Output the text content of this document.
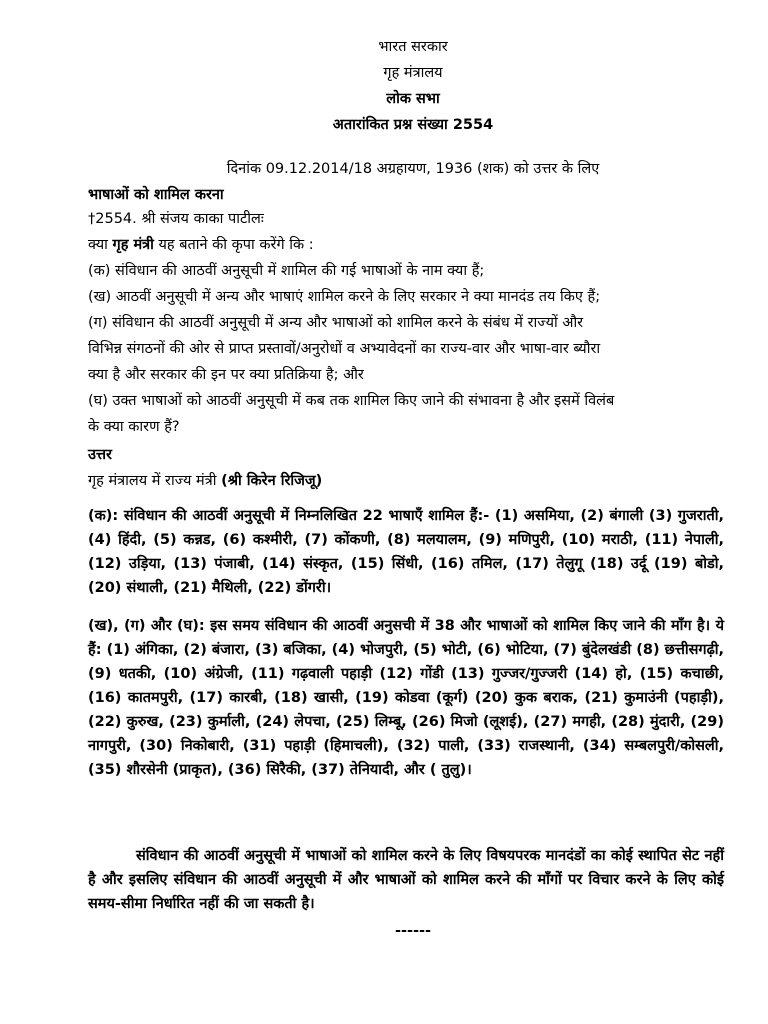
भारत सरकार
गृह मंत्रालय
लोक सभा
अतारांकित प्रश्न संख्या 2554
दिनांक 09.12.2014/18 अग्रहायण, 1936 (शक) को उत्तर के लिए
भाषाओं को शामिल करना
†2554. श्री संजय काका पाटीलः
क्या गृह मंत्री यह बताने की कृपा करेंगे कि :
(क) संविधान की आठवीं अनुसूची में शामिल की गई भाषाओं के नाम क्या हैं;
(ख) आठवीं अनुसूची में अन्य और भाषाएं शामिल करने के लिए सरकार ने क्या मानदंड तय किए हैं;
(ग) संविधान की आठवीं अनुसूची में अन्य और भाषाओं को शामिल करने के संबंध में राज्यों और
विभिन्न संगठनों की ओर से प्राप्त प्रस्तावों/अनुरोधों व अभ्यावेदनों का राज्य-वार और भाषा-वार ब्यौरा
क्या है और सरकार की इन पर क्या प्रतिक्रिया है; और
(घ) उक्त भाषाओं को आठवीं अनुसूची में कब तक शामिल किए जाने की संभावना है और इसमें विलंब
के क्या कारण हैं?
उत्तर
गृह मंत्रालय में राज्य मंत्री (श्री किरेन रिजिजू)
(क): संविधान की आठवीं अनुसूची में निम्नलिखित 22 भाषाएँ शामिल हैं:- (1) असमिया, (2) बंगाली (3) गुजराती, (4) हिंदी, (5) कन्नड, (6) कश्मीरी, (7) कोंकणी, (8) मलयालम, (9) मणिपुरी, (10) मराठी, (11) नेपाली, (12) उड़िया, (13) पंजाबी, (14) संस्कृत, (15) सिंधी, (16) तमिल, (17) तेलुगू (18) उर्दू (19) बोडो, (20) संथाली, (21) मैथिली, (22) डोंगरी।
(ख), (ग) और (घ): इस समय संविधान की आठवीं अनुसची में 38 और भाषाओं को शामिल किए जाने की माँग है। ये हैं: (1) अंगिका, (2) बंजारा, (3) बजिका, (4) भोजपुरी, (5) भोटी, (6) भोटिया, (7) बुंदेलखंडी (8) छत्तीसगढ़ी, (9) धतकी, (10) अंग्रेजी, (11) गढ़वाली पहाड़ी (12) गोंडी (13) गुज्जर/गुज्जरी (14) हो, (15) कचाछी, (16) कातमपुरी, (17) कारबी, (18) खासी, (19) कोडवा (कूर्ग) (20) कुक बराक, (21) कुमाउंनी (पहाड़ी), (22) कुरुख, (23) कुर्माली, (24) लेपचा, (25) लिम्बू, (26) मिजो (लूशई), (27) मगही, (28) मुंदारी, (29) नागपुरी, (30) निकोबारी, (31) पहाड़ी (हिमाचली), (32) पाली, (33) राजस्थानी, (34) सम्बलपुरी/कोसली, (35) शौरसेनी (प्राकृत), (36) सिरैकी, (37) तेनियादी, और ( तुलु)।
संविधान की आठवीं अनुसूची में भाषाओं को शामिल करने के लिए विषयपरक मानदंडों का कोई स्थापित सेट नहीं है और इसलिए संविधान की आठवीं अनुसूची में और भाषाओं को शामिल करने की माँगों पर विचार करने के लिए कोई समय-सीमा निर्धारित नहीं की जा सकती है।
------
